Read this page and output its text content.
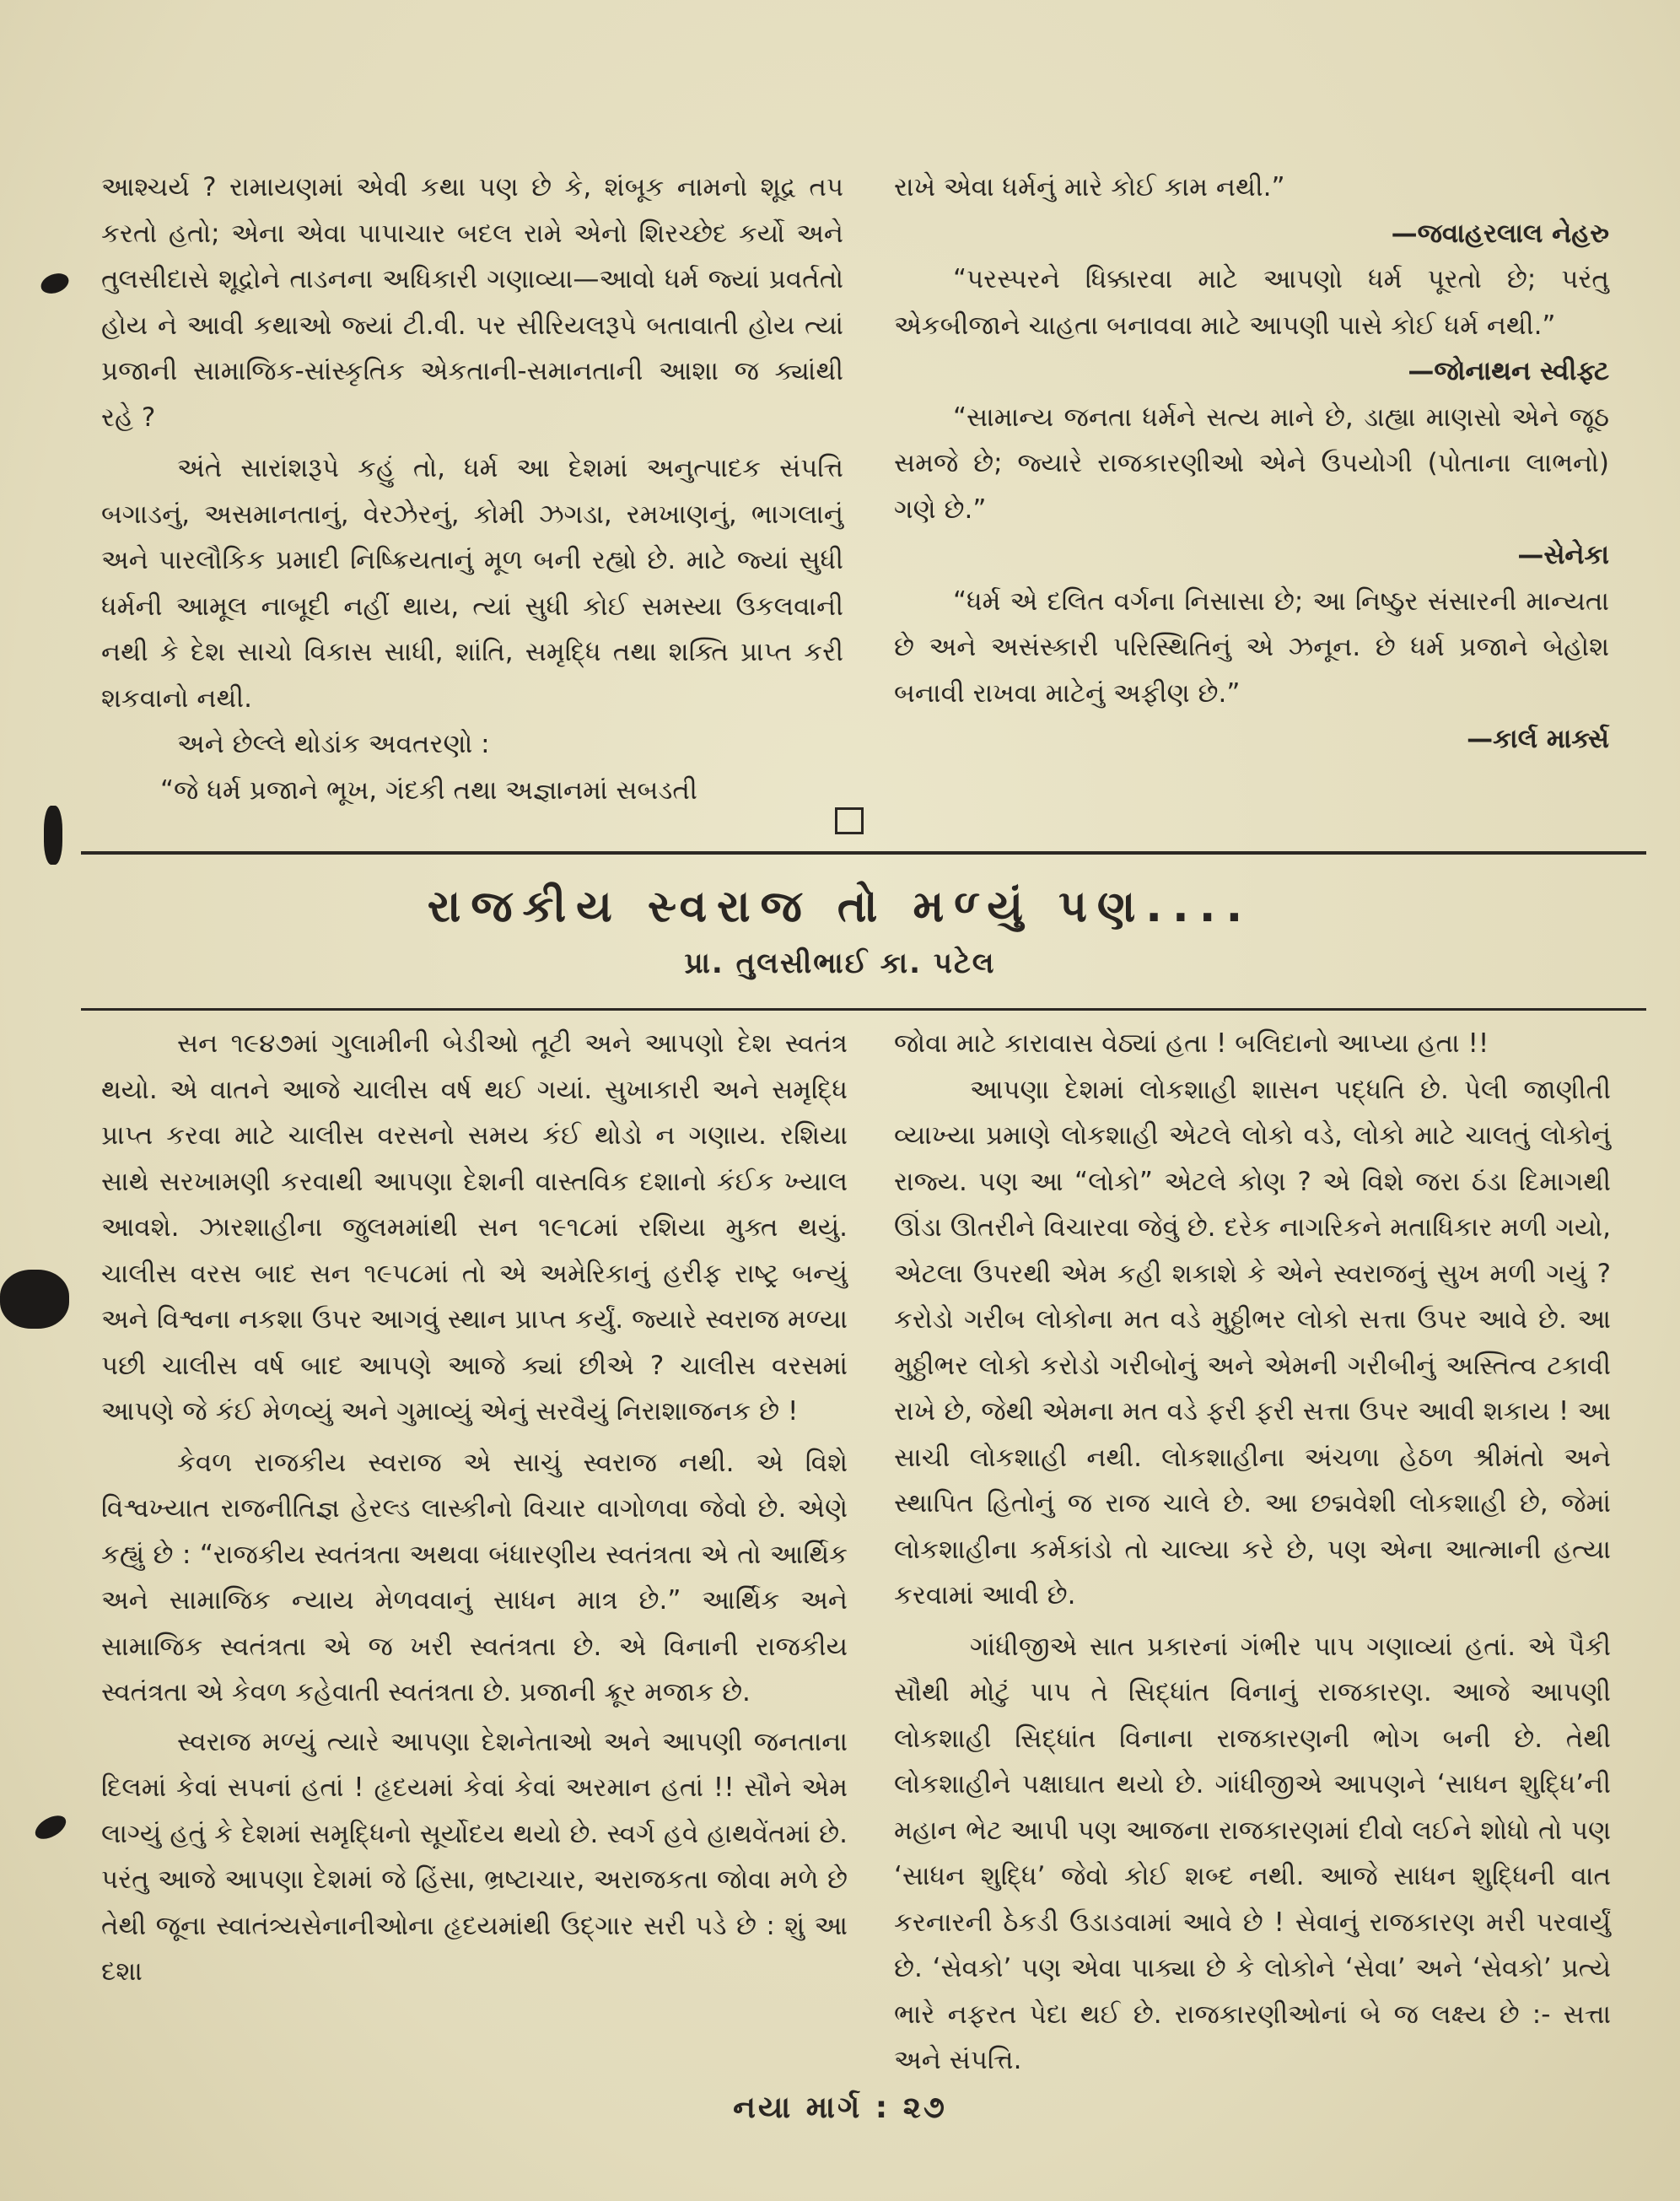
આશ્ચર્ય ? રામાયણમાં એવી કથા પણ છે કે, શંબૂક નામનો શૂદ્ર તપ કરતો હતો; એના એવા પાપાચાર બદલ રામે એનો શિરચ્છેદ કર્યો અને તુલસીદાસે શૂદ્રોને તાડનના અધિકારી ગણાવ્યા—આવો ધર્મ જ્યાં પ્રવર્તતો હોય ને આવી કથાઓ જ્યાં ટી.વી. પર સીરિયલરૂપે બતાવાતી હોય ત્યાં પ્રજાની સામાજિક-સાંસ્કૃતિક એકતાની-સમાનતાની આશા જ ક્યાંથી રહે ?

અંતે સારાંશરૂપે કહું તો, ધર્મ આ દેશમાં અનુત્પાદક સંપત્તિ બગાડનું, અસમાનતાનું, વેરઝેરનું, કોમી ઝગડા, રમખાણનું, ભાગલાનું અને પારલૌકિક પ્રમાદી નિષ્ક્રિયતાનું મૂળ બની રહ્યો છે. માટે જ્યાં સુધી ધર્મની આમૂલ નાબૂદી નહીં થાય, ત્યાં સુધી કોઈ સમસ્યા ઉકલવાની નથી કે દેશ સાચો વિકાસ સાધી, શાંતિ, સમૃદ્ધિ તથા શક્તિ પ્રાપ્ત કરી શકવાનો નથી.

અને છેલ્લે થોડાંક અવતરણો :

“જે ધર્મ પ્રજાને ભૂખ, ગંદકી તથા અજ્ઞાનમાં સબડતી

રાખે એવા ધર્મનું મારે કોઈ કામ નથી.”

—જવાહરલાલ નેહરુ

“પરસ્પરને ધિક્કારવા માટે આપણો ધર્મ પૂરતો છે; પરંતુ એકબીજાને ચાહતા બનાવવા માટે આપણી પાસે કોઈ ધર્મ નથી.”

—જોનાથન સ્વીફ્ટ

“સામાન્ય જનતા ધર્મને સત્ય માને છે, ડાહ્યા માણસો એને જૂઠ સમજે છે; જ્યારે રાજકારણીઓ એને ઉપયોગી (પોતાના લાભનો) ગણે છે.”

—સેનેકા

“ધર્મ એ દલિત વર્ગના નિસાસા છે; આ નિષ્ઠુર સંસારની માન્યતા છે અને અસંસ્કારી પરિસ્થિતિનું એ ઝનૂન. છે ધર્મ પ્રજાને બેહોશ બનાવી રાખવા માટેનું અફીણ છે.”

—કાર્લ માર્ક્સ

રાજકીય સ્વરાજ તો મળ્યું પણ....
પ્રા. તુલસીભાઈ કા. પટેલ

સન ૧૯૪૭માં ગુલામીની બેડીઓ તૂટી અને આપણો દેશ સ્વતંત્ર થયો. એ વાતને આજે ચાલીસ વર્ષ થઈ ગયાં. સુખાકારી અને સમૃદ્ધિ પ્રાપ્ત કરવા માટે ચાલીસ વરસનો સમય કંઈ થોડો ન ગણાય. રશિયા સાથે સરખામણી કરવાથી આપણા દેશની વાસ્તવિક દશાનો કંઈક ખ્યાલ આવશે. ઝારશાહીના જુલમમાંથી સન ૧૯૧૮માં રશિયા મુક્ત થયું. ચાલીસ વરસ બાદ સન ૧૯૫૮માં તો એ અમેરિકાનું હરીફ રાષ્ટ્ર બન્યું અને વિશ્વના નકશા ઉપર આગવું સ્થાન પ્રાપ્ત કર્યું. જ્યારે સ્વરાજ મળ્યા પછી ચાલીસ વર્ષ બાદ આપણે આજે ક્યાં છીએ ? ચાલીસ વરસમાં આપણે જે કંઈ મેળવ્યું અને ગુમાવ્યું એનું સરવૈયું નિરાશાજનક છે !

કેવળ રાજકીય સ્વરાજ એ સાચું સ્વરાજ નથી. એ વિશે વિશ્વખ્યાત રાજનીતિજ્ઞ હેરલ્ડ લાસ્કીનો વિચાર વાગોળવા જેવો છે. એણે કહ્યું છે : “રાજકીય સ્વતંત્રતા અથવા બંધારણીય સ્વતંત્રતા એ તો આર્થિક અને સામાજિક ન્યાય મેળવવાનું સાધન માત્ર છે.” આર્થિક અને સામાજિક સ્વતંત્રતા એ જ ખરી સ્વતંત્રતા છે. એ વિનાની રાજકીય સ્વતંત્રતા એ કેવળ કહેવાતી સ્વતંત્રતા છે. પ્રજાની ક્રૂર મજાક છે.

સ્વરાજ મળ્યું ત્યારે આપણા દેશનેતાઓ અને આપણી જનતાના દિલમાં કેવાં સપનાં હતાં ! હૃદયમાં કેવાં કેવાં અરમાન હતાં !! સૌને એમ લાગ્યું હતું કે દેશમાં સમૃદ્ધિનો સૂર્યોદય થયો છે. સ્વર્ગ હવે હાથવેંતમાં છે. પરંતુ આજે આપણા દેશમાં જે હિંસા, ભ્રષ્ટાચાર, અરાજકતા જોવા મળે છે તેથી જૂના સ્વાતંત્ર્યસેનાનીઓના હૃદયમાંથી ઉદ્ગાર સરી પડે છે : શું આ દશા

જોવા માટે કારાવાસ વેઠ્યાં હતા ! બલિદાનો આપ્યા હતા !!

આપણા દેશમાં લોકશાહી શાસન પદ્ધતિ છે. પેલી જાણીતી વ્યાખ્યા પ્રમાણે લોકશાહી એટલે લોકો વડે, લોકો માટે ચાલતું લોકોનું રાજ્ય. પણ આ “લોકો” એટલે કોણ ? એ વિશે જરા ઠંડા દિમાગથી ઊંડા ઊતરીને વિચારવા જેવું છે. દરેક નાગરિકને મતાધિકાર મળી ગયો, એટલા ઉપરથી એમ કહી શકાશે કે એને સ્વરાજનું સુખ મળી ગયું ? કરોડો ગરીબ લોકોના મત વડે મુઠ્ઠીભર લોકો સત્તા ઉપર આવે છે. આ મુઠ્ઠીભર લોકો કરોડો ગરીબોનું અને એમની ગરીબીનું અસ્તિત્વ ટકાવી રાખે છે, જેથી એમના મત વડે ફરી ફરી સત્તા ઉપર આવી શકાય ! આ સાચી લોકશાહી નથી. લોકશાહીના અંચળા હેઠળ શ્રીમંતો અને સ્થાપિત હિતોનું જ રાજ ચાલે છે. આ છદ્મવેશી લોકશાહી છે, જેમાં લોકશાહીના કર્મકાંડો તો ચાલ્યા કરે છે, પણ એના આત્માની હત્યા કરવામાં આવી છે.

ગાંધીજીએ સાત પ્રકારનાં ગંભીર પાપ ગણાવ્યાં હતાં. એ પૈકી સૌથી મોટું પાપ તે સિદ્ધાંત વિનાનું રાજકારણ. આજે આપણી લોકશાહી સિદ્ધાંત વિનાના રાજકારણની ભોગ બની છે. તેથી લોકશાહીને પક્ષાઘાત થયો છે. ગાંધીજીએ આપણને ‘સાધન શુદ્ધિ’ની મહાન ભેટ આપી પણ આજના રાજકારણમાં દીવો લઈને શોધો તો પણ ‘સાધન શુદ્ધિ’ જેવો કોઈ શબ્દ નથી. આજે સાધન શુદ્ધિની વાત કરનારની ઠેકડી ઉડાડવામાં આવે છે ! સેવાનું રાજકારણ મરી પરવાર્યું છે. ‘સેવકો’ પણ એવા પાક્યા છે કે લોકોને ‘સેવા’ અને ‘સેવકો’ પ્રત્યે ભારે નફરત પેદા થઈ છે. રાજકારણીઓનાં બે જ લક્ષ્ય છે :- સત્તા અને સંપત્તિ.

નયા માર્ગ : ૨૭
